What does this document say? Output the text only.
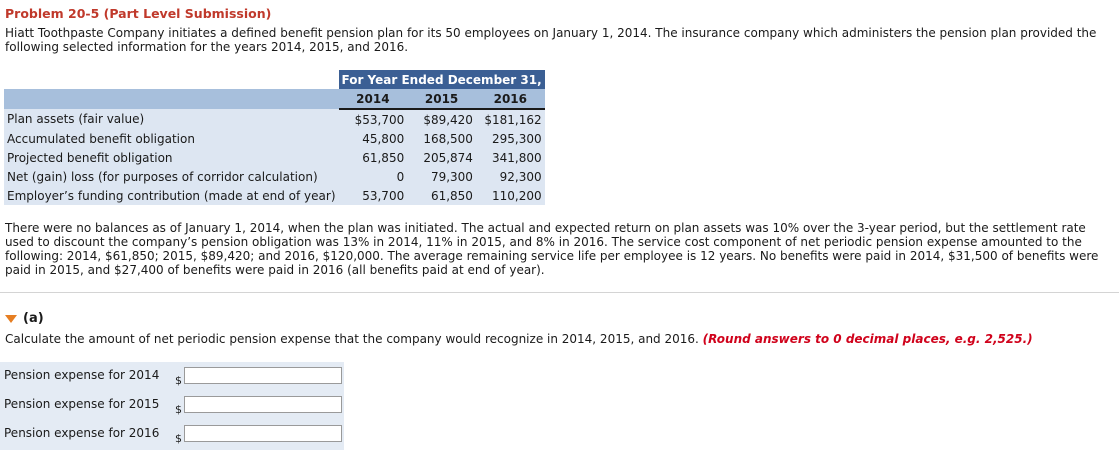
Problem 20-5 (Part Level Submission)
Hiatt Toothpaste Company initiates a defined benefit pension plan for its 50 employees on January 1, 2014. The insurance company which administers the pension plan provided the following selected information for the years 2014, 2015, and 2016.
	For Year Ended December 31,		
	2014	2015	2016
Plan assets (fair value)	$53,700	$89,420	$181,162
Accumulated benefit obligation	45,800	168,500	295,300
Projected benefit obligation	61,850	205,874	341,800
Net (gain) loss (for purposes of corridor calculation)	0	79,300	92,300
Employer’s funding contribution (made at end of year)	53,700	61,850	110,200
There were no balances as of January 1, 2014, when the plan was initiated. The actual and expected return on plan assets was 10% over the 3-year period, but the settlement rate used to discount the company’s pension obligation was 13% in 2014, 11% in 2015, and 8% in 2016. The service cost component of net periodic pension expense amounted to the following: 2014, $61,850; 2015, $89,420; and 2016, $120,000. The average remaining service life per employee is 12 years. No benefits were paid in 2014, $31,500 of benefits were paid in 2015, and $27,400 of benefits were paid in 2016 (all benefits paid at end of year).
(a)
Calculate the amount of net periodic pension expense that the company would recognize in 2014, 2015, and 2016. (Round answers to 0 decimal places, e.g. 2,525.)
Pension expense for 2014 $
Pension expense for 2015 $
Pension expense for 2016 $
